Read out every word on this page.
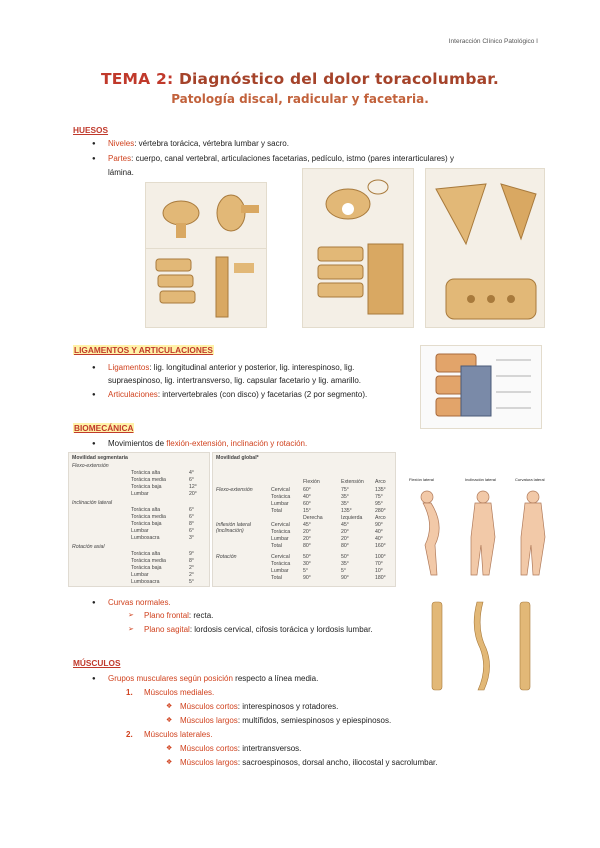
Interacción Clínico Patológico I
TEMA 2: Diagnóstico del dolor toracolumbar.
Patología discal, radicular y facetaria.
HUESOS
● Niveles: vértebra torácica, vértebra lumbar y sacro.
● Partes: cuerpo, canal vertebral, articulaciones facetarias, pedículo, istmo (pares interarticulares) y
lámina.
LIGAMENTOS Y ARTICULACIONES
● Ligamentos: lig. longitudinal anterior y posterior, lig. interespinoso, lig.
supraespinoso, lig. intertransverso, lig. capsular facetario y lig. amarillo.
● Articulaciones: intervertebrales (con disco) y facetarias (2 por segmento).
BIOMECÁNICA
● Movimientos de flexión-extensión, inclinación y rotación.
Movilidad segmentaria
Flexo-extensión
Torácica alta	4°
Torácica media	6°
Torácica baja	12°
Lumbar	20°
Inclinación lateral
Torácica alta	6°
Torácica media	6°
Torácica baja	8°
Lumbar	6°
Lumbosacra	3°
Rotación axial
Torácica alta	9°
Torácica media	8°
Torácica baja	2°
Lumbar	2°
Lumbosacra	5°
Movilidad global*
Flexión	Extensión Arco
Flexo-extensión	Cervical	60°	75°	135°
Torácica 40°	35°	75°
Lumbar	60°	35°	95°
Total	15°	135°	280°
Derecha	Izquierda Arco
Inflexión lateral (inclinación)
Cervical	45°	45°	90°
Torácica 20°	20°	40°
Lumbar	20°	20°	40°
Total	80°	80°	160°
Rotación	Cervical	50°	50°	100°
Torácica 30°	35°	70°
Lumbar	5°	5°	10°
Total	90°	90°	180°
Flexión lateral	Inclinación lateral	Curvatura lateral
● Curvas normales.
➢ Plano frontal: recta.
➢ Plano sagital: lordosis cervical, cifosis torácica y lordosis lumbar.
MÚSCULOS
● Grupos musculares según posición respecto a línea media.
1. Músculos mediales.
❖ Músculos cortos: interespinosos y rotadores.
❖ Músculos largos: multífidos, semiespinosos y epiespinosos.
2. Músculos laterales.
❖ Músculos cortos: intertransversos.
❖ Músculos largos: sacroespinosos, dorsal ancho, iliocostal y sacrolumbar.
